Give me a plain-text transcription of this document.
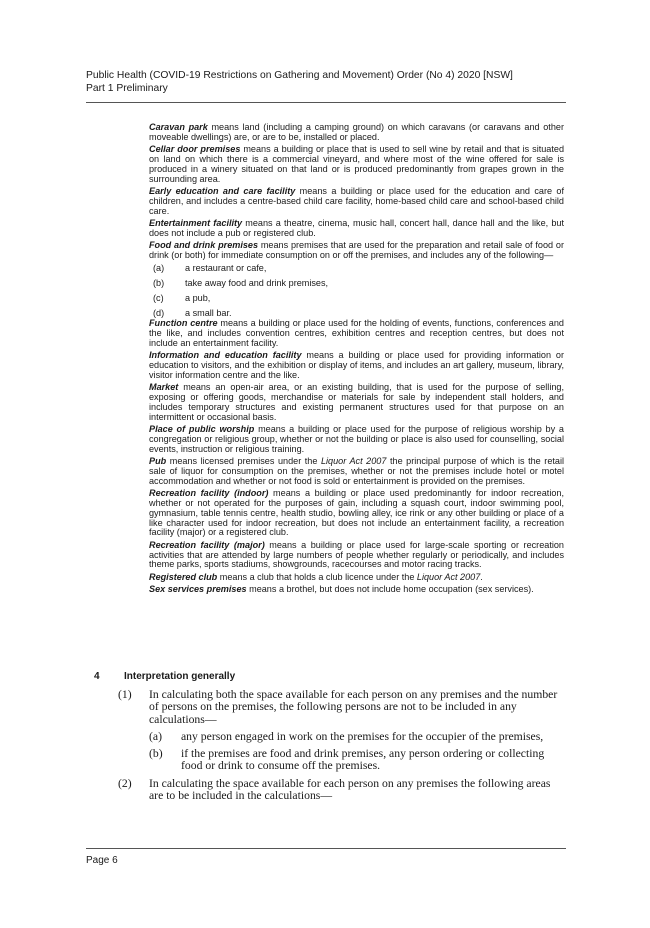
Public Health (COVID-19 Restrictions on Gathering and Movement) Order (No 4) 2020 [NSW]
Part 1 Preliminary

Caravan park means land (including a camping ground) on which caravans (or caravans and other moveable dwellings) are, or are to be, installed or placed.

Cellar door premises means a building or place that is used to sell wine by retail and that is situated on land on which there is a commercial vineyard, and where most of the wine offered for sale is produced in a winery situated on that land or is produced predominantly from grapes grown in the surrounding area.

Early education and care facility means a building or place used for the education and care of children, and includes a centre-based child care facility, home-based child care and school-based child care.

Entertainment facility means a theatre, cinema, music hall, concert hall, dance hall and the like, but does not include a pub or registered club.

Food and drink premises means premises that are used for the preparation and retail sale of food or drink (or both) for immediate consumption on or off the premises, and includes any of the following—

(a)	a restaurant or cafe,
(b)	take away food and drink premises,
(c)	a pub,
(d)	a small bar.

Function centre means a building or place used for the holding of events, functions, conferences and the like, and includes convention centres, exhibition centres and reception centres, but does not include an entertainment facility.

Information and education facility means a building or place used for providing information or education to visitors, and the exhibition or display of items, and includes an art gallery, museum, library, visitor information centre and the like.

Market means an open-air area, or an existing building, that is used for the purpose of selling, exposing or offering goods, merchandise or materials for sale by independent stall holders, and includes temporary structures and existing permanent structures used for that purpose on an intermittent or occasional basis.

Place of public worship means a building or place used for the purpose of religious worship by a congregation or religious group, whether or not the building or place is also used for counselling, social events, instruction or religious training.

Pub means licensed premises under the Liquor Act 2007 the principal purpose of which is the retail sale of liquor for consumption on the premises, whether or not the premises include hotel or motel accommodation and whether or not food is sold or entertainment is provided on the premises.

Recreation facility (indoor) means a building or place used predominantly for indoor recreation, whether or not operated for the purposes of gain, including a squash court, indoor swimming pool, gymnasium, table tennis centre, health studio, bowling alley, ice rink or any other building or place of a like character used for indoor recreation, but does not include an entertainment facility, a recreation facility (major) or a registered club.

Recreation facility (major) means a building or place used for large-scale sporting or recreation activities that are attended by large numbers of people whether regularly or periodically, and includes theme parks, sports stadiums, showgrounds, racecourses and motor racing tracks.

Registered club means a club that holds a club licence under the Liquor Act 2007.

Sex services premises means a brothel, but does not include home occupation (sex services).

4 Interpretation generally
(1)	In calculating both the space available for each person on any premises and the number of persons on the premises, the following persons are not to be included in any calculations—
(a)	any person engaged in work on the premises for the occupier of the premises,
(b)	if the premises are food and drink premises, any person ordering or collecting food or drink to consume off the premises.
(2)	In calculating the space available for each person on any premises the following areas are to be included in the calculations—
Page 6
